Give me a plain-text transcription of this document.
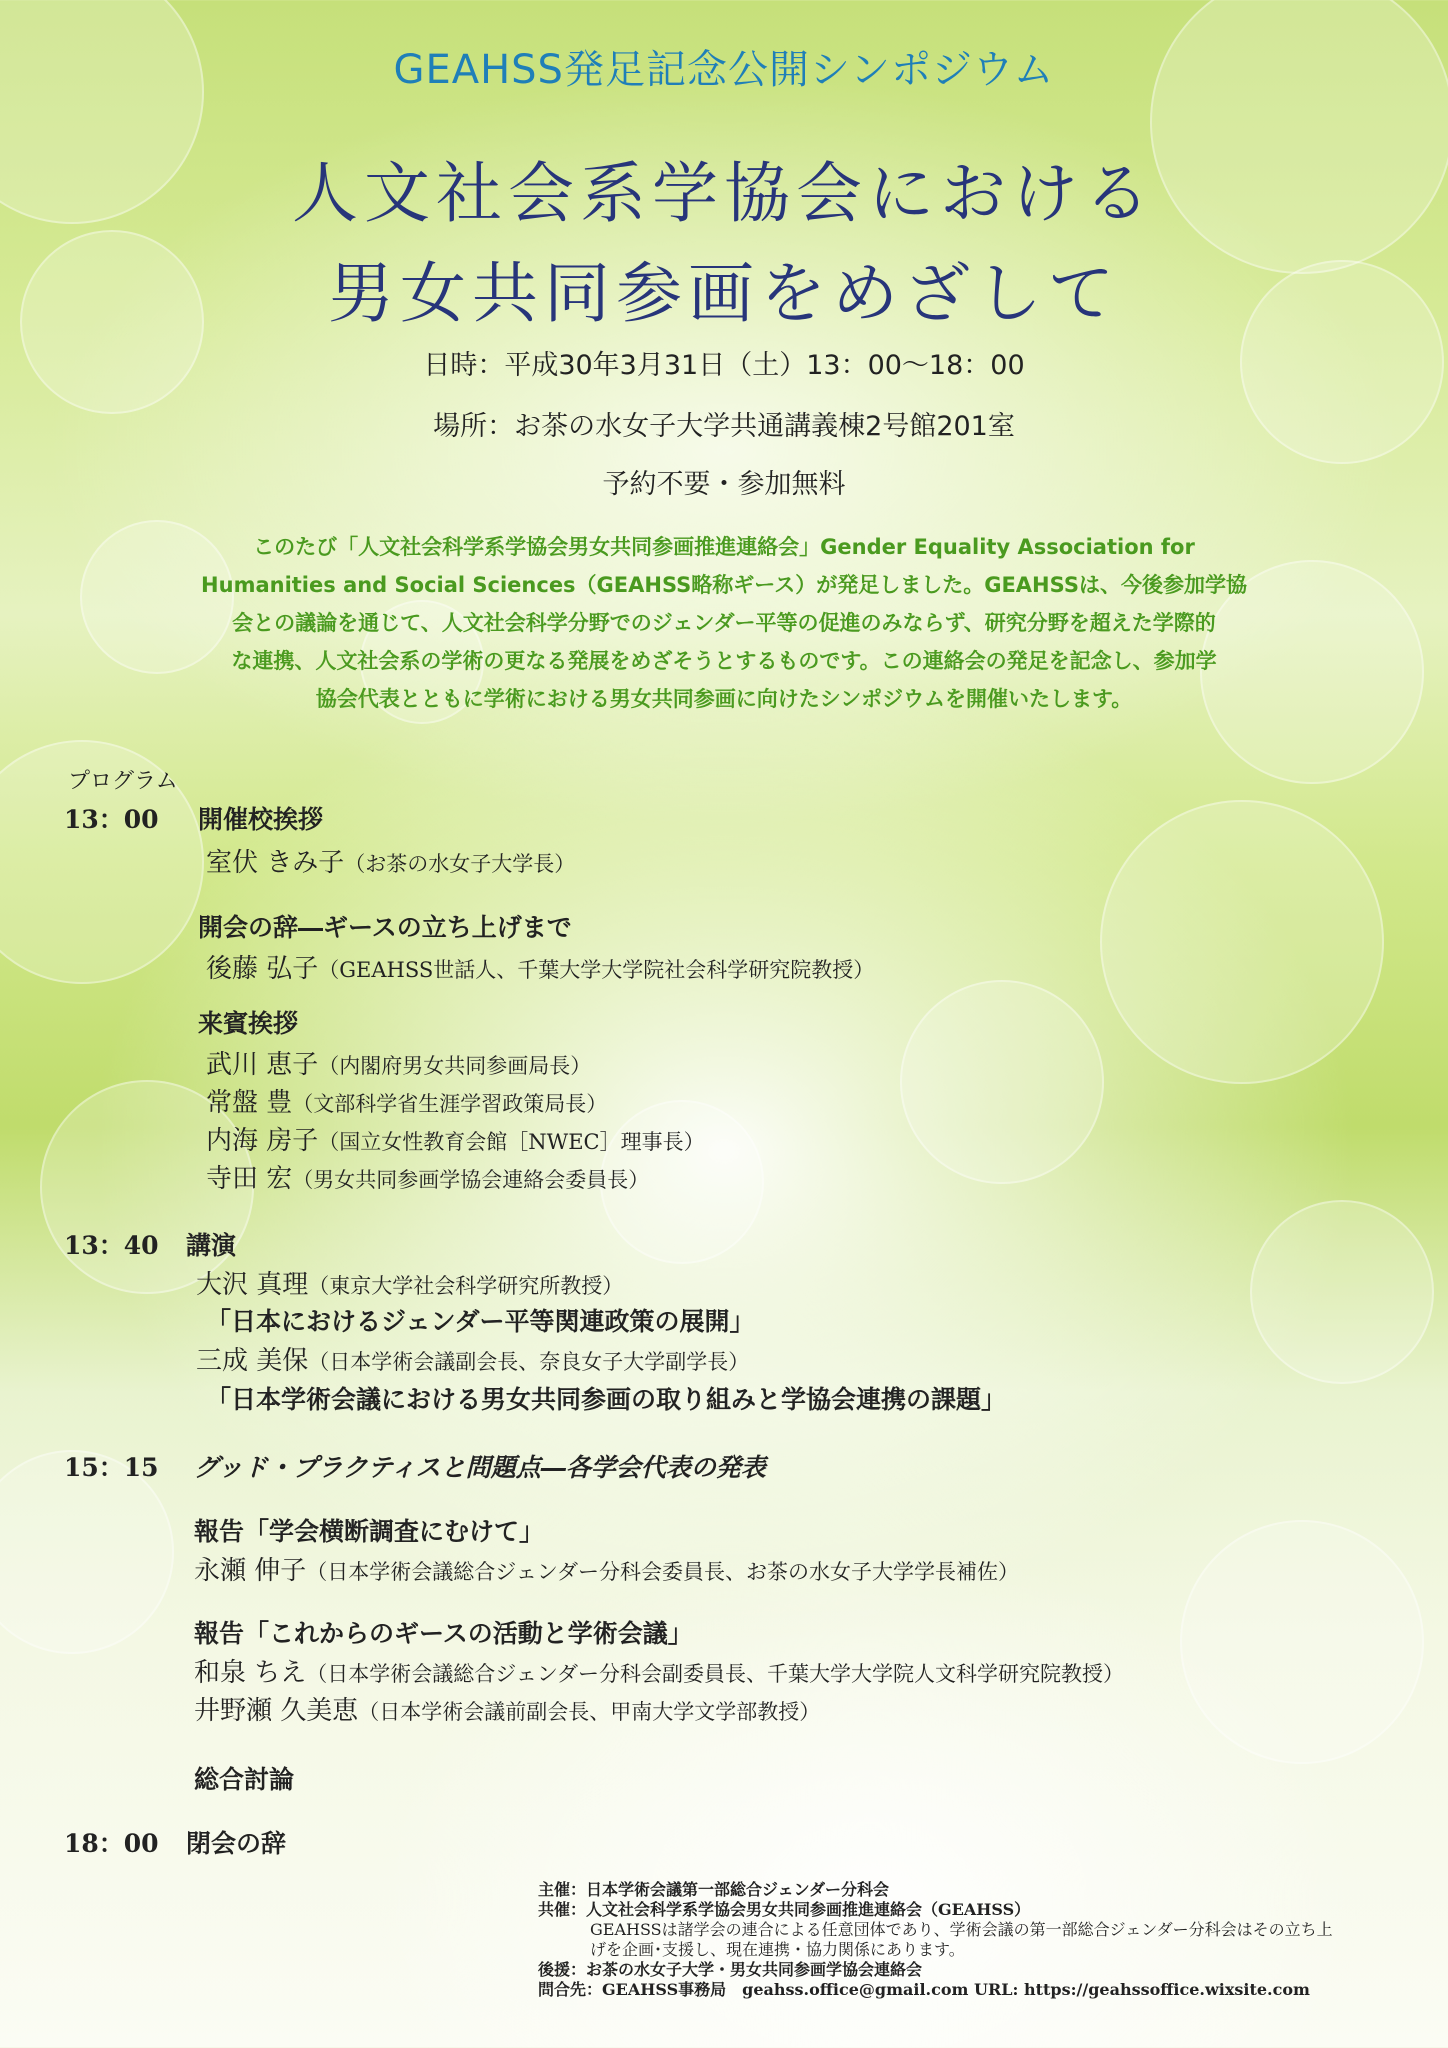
GEAHSS発足記念公開シンポジウム
人文社会系学協会における
男女共同参画をめざして
日時：平成30年3月31日（土）13：00〜18：00
場所：お茶の水女子大学共通講義棟2号館201室
予約不要・参加無料
このたび「人文社会科学系学協会男女共同参画推進連絡会」Gender Equality Association for
Humanities and Social Sciences（GEAHSS略称ギース）が発足しました。GEAHSSは、今後参加学協
会との議論を通じて、人文社会科学分野でのジェンダー平等の促進のみならず、研究分野を超えた学際的
な連携、人文社会系の学術の更なる発展をめざそうとするものです。この連絡会の発足を記念し、参加学
協会代表とともに学術における男女共同参画に向けたシンポジウムを開催いたします。
プログラム
13：00 開催校挨拶
室伏 きみ子（お茶の水女子大学長）
開会の辞―ギースの立ち上げまで
後藤 弘子（GEAHSS世話人、千葉大学大学院社会科学研究院教授）
来賓挨拶
武川 恵子（内閣府男女共同参画局長）
常盤 豊（文部科学省生涯学習政策局長）
内海 房子（国立女性教育会館［NWEC］理事長）
寺田 宏（男女共同参画学協会連絡会委員長）
13：40 講演
大沢 真理（東京大学社会科学研究所教授）
「日本におけるジェンダー平等関連政策の展開」
三成 美保（日本学術会議副会長、奈良女子大学副学長）
「日本学術会議における男女共同参画の取り組みと学協会連携の課題」
15：15 グッド・プラクティスと問題点―各学会代表の発表
報告「学会横断調査にむけて」
永瀬 伸子（日本学術会議総合ジェンダー分科会委員長、お茶の水女子大学学長補佐）
報告「これからのギースの活動と学術会議」
和泉 ちえ（日本学術会議総合ジェンダー分科会副委員長、千葉大学大学院人文科学研究院教授）
井野瀬 久美恵（日本学術会議前副会長、甲南大学文学部教授）
総合討論
18：00 閉会の辞
主催：日本学術会議第一部総合ジェンダー分科会
共催：人文社会科学系学協会男女共同参画推進連絡会（GEAHSS）
GEAHSSは諸学会の連合による任意団体であり、学術会議の第一部総合ジェンダー分科会はその立ち上
げを企画･支援し、現在連携・協力関係にあります。
後援：お茶の水女子大学・男女共同参画学協会連絡会
問合先：GEAHSS事務局　geahss.office@gmail.com URL: https://geahssoffice.wixsite.com
